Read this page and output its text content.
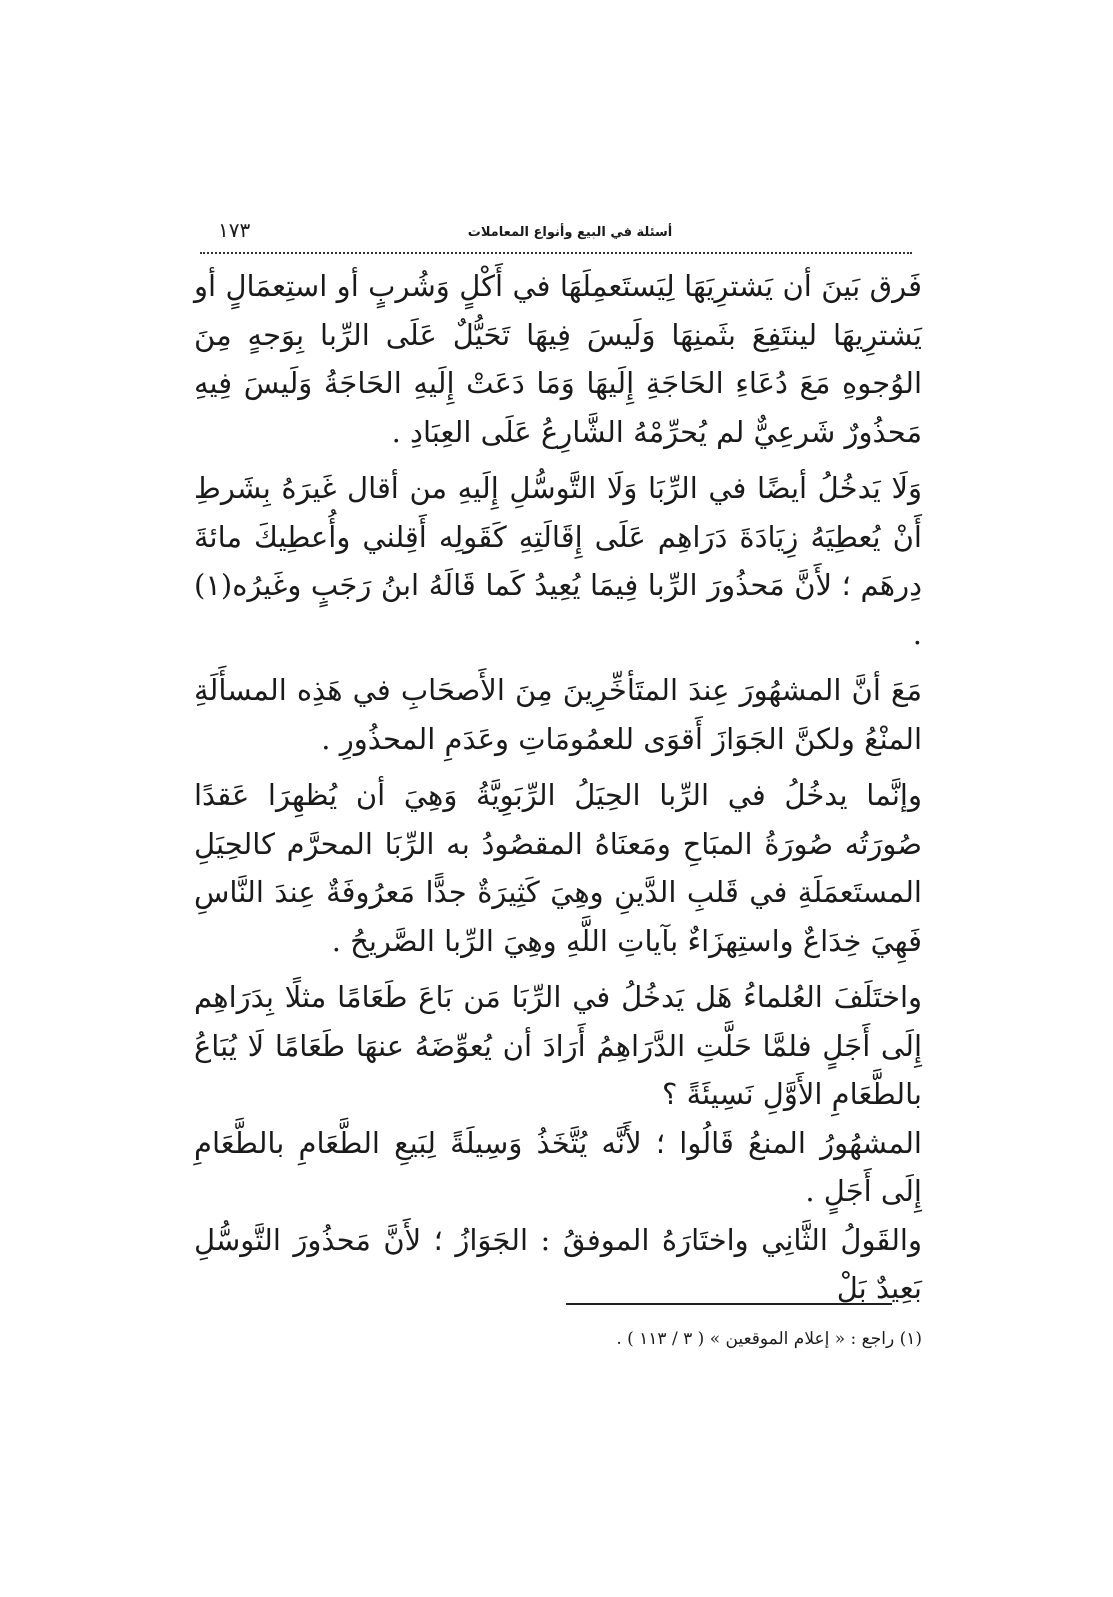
أسئلة في البيع وأنواع المعاملات
١٧٣

فَرق بَينَ أن يَشترِيَهَا لِيَستَعمِلَهَا في أَكْلٍ وَشُربٍ أو استِعمَالٍ أو يَشترِيهَا لينتَفِعَ بثَمنِهَا وَلَيسَ فِيهَا تَحَيُّلٌ عَلَى الرِّبا بِوَجهٍ مِنَ الوُجوهِ مَعَ دُعَاءِ الحَاجَةِ إِلَيهَا وَمَا دَعَتْ إِلَيهِ الحَاجَةُ وَلَيسَ فِيهِ مَحذُورٌ شَرعِيٌّ لم يُحرِّمْهُ الشَّارِعُ عَلَى العِبَادِ .

وَلَا يَدخُلُ أيضًا في الرِّبَا وَلَا التَّوسُّلِ إِلَيهِ من أقال غَيرَهُ بِشَرطِ أَنْ يُعطِيَهُ زِيَادَةَ دَرَاهِم عَلَى إِقَالَتِهِ كَقَولِه أَقِلني وأُعطِيكَ مائةَ دِرهَم ؛ لأَنَّ مَحذُورَ الرِّبا فِيمَا يُعِيدُ كَما قَالَهُ ابنُ رَجَبٍ وغَيرُه(١) .

مَعَ أنَّ المشهُورَ عِندَ المتَأخِّرِينَ مِنَ الأَصحَابِ في هَذِه المسأَلَةِ المنْعُ ولكنَّ الجَوَازَ أَقوَى للعمُومَاتِ وعَدَمِ المحذُورِ .

وإنَّما يدخُلُ في الرِّبا الحِيَلُ الرِّبَوِيَّةُ وَهِيَ أن يُظهِرَا عَقدًا صُورَتُه صُورَةُ المبَاحِ ومَعنَاهُ المقصُودُ به الرِّبَا المحرَّم كالحِيَلِ المستَعمَلَةِ في قَلبِ الدَّينِ وهِيَ كَثِيرَةٌ جدًّا مَعرُوفَةٌ عِندَ النَّاسِ فَهِيَ خِدَاعٌ واستِهزَاءٌ بآياتِ اللَّهِ وهِيَ الرِّبا الصَّريحُ .

واختَلَفَ العُلماءُ هَل يَدخُلُ في الرِّبَا مَن بَاعَ طَعَامًا مثلًا بِدَرَاهِم إِلَى أَجَلٍ فلمَّا حَلَّتِ الدَّرَاهِمُ أَرَادَ أن يُعوِّضَهُ عنهَا طَعَامًا لَا يُبَاعُ بالطَّعَامِ الأَوَّلِ نَسِيئَةً ؟

المشهُورُ المنعُ قَالُوا ؛ لأَنَّه يُتَّخَذُ وَسِيلَةً لِبَيعِ الطَّعَامِ بالطَّعَامِ إِلَى أَجَلٍ .

والقَولُ الثَّانِي واختَارَهُ الموفقُ : الجَوَازُ ؛ لأَنَّ مَحذُورَ التَّوسُّلِ بَعِيدٌ بَلْ

(١) راجع : « إعلام الموقعين » ( ٣ / ١١٣ ) .
